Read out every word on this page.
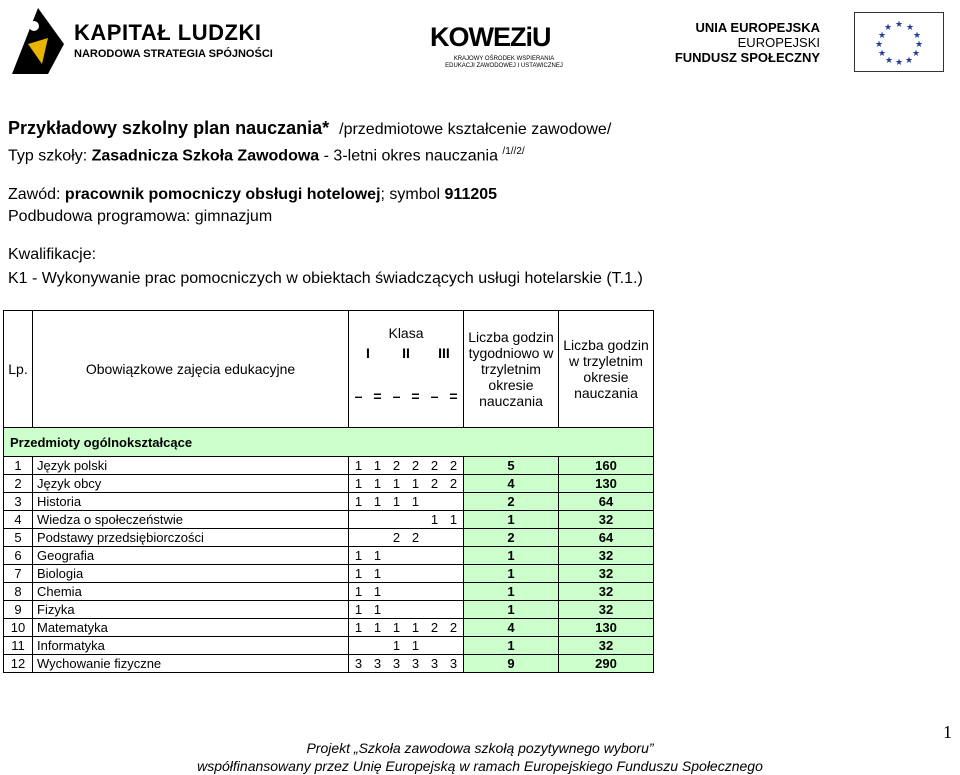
KAPITAŁ LUDZKI
NARODOWA STRATEGIA SPÓJNOŚCI
KOWEZiU
KRAJOWY OŚRODEK WSPIERANIA
EDUKACJI ZAWODOWEJ I USTAWICZNEJ
UNIA EUROPEJSKA
EUROPEJSKI
FUNDUSZ SPOŁECZNY
★ ★
★
★
★
★
★
★
★
★
★
★
Przykładowy szkolny plan nauczania* /przedmiotowe kształcenie zawodowe/
Typ szkoły: Zasadnicza Szkoła Zawodowa - 3-letni okres nauczania $^{/1//2/}$
Zawód: pracownik pomocniczy obsługi hotelowej; symbol 911205
Podbudowa programowa: gimnazjum
Kwalifikacje:
K1 - Wykonywanie prac pomocniczych w obiektach świadczących usługi hotelarskie (T.1.)
Lp.	Obowiązkowe zajęcia edukacyjne	Klasa						Liczba godzin tygodniowo w trzyletnim okresie nauczania	Liczba godzin w trzyletnim okresie nauczania
		I		II		III			
		–	=	–	=	–	=		
Przedmioty ogólnokształcące									
1	Język polski	1	1	2	2	2	2	5	160
2	Język obcy	1	1	1	1	2	2	4	130
3	Historia	1	1	1	1			2	64
4	Wiedza o społeczeństwie					1	1	1	32
5	Podstawy przedsiębiorczości			2	2			2	64
6	Geografia	1	1					1	32
7	Biologia	1	1					1	32
8	Chemia	1	1					1	32
9	Fizyka	1	1					1	32
10	Matematyka	1	1	1	1	2	2	4	130
11	Informatyka			1	1			1	32
12	Wychowanie fizyczne	3	3	3	3	3	3	9	290
1
Projekt „Szkoła zawodowa szkołą pozytywnego wyboru”
współfinansowany przez Unię Europejską w ramach Europejskiego Funduszu Społecznego
